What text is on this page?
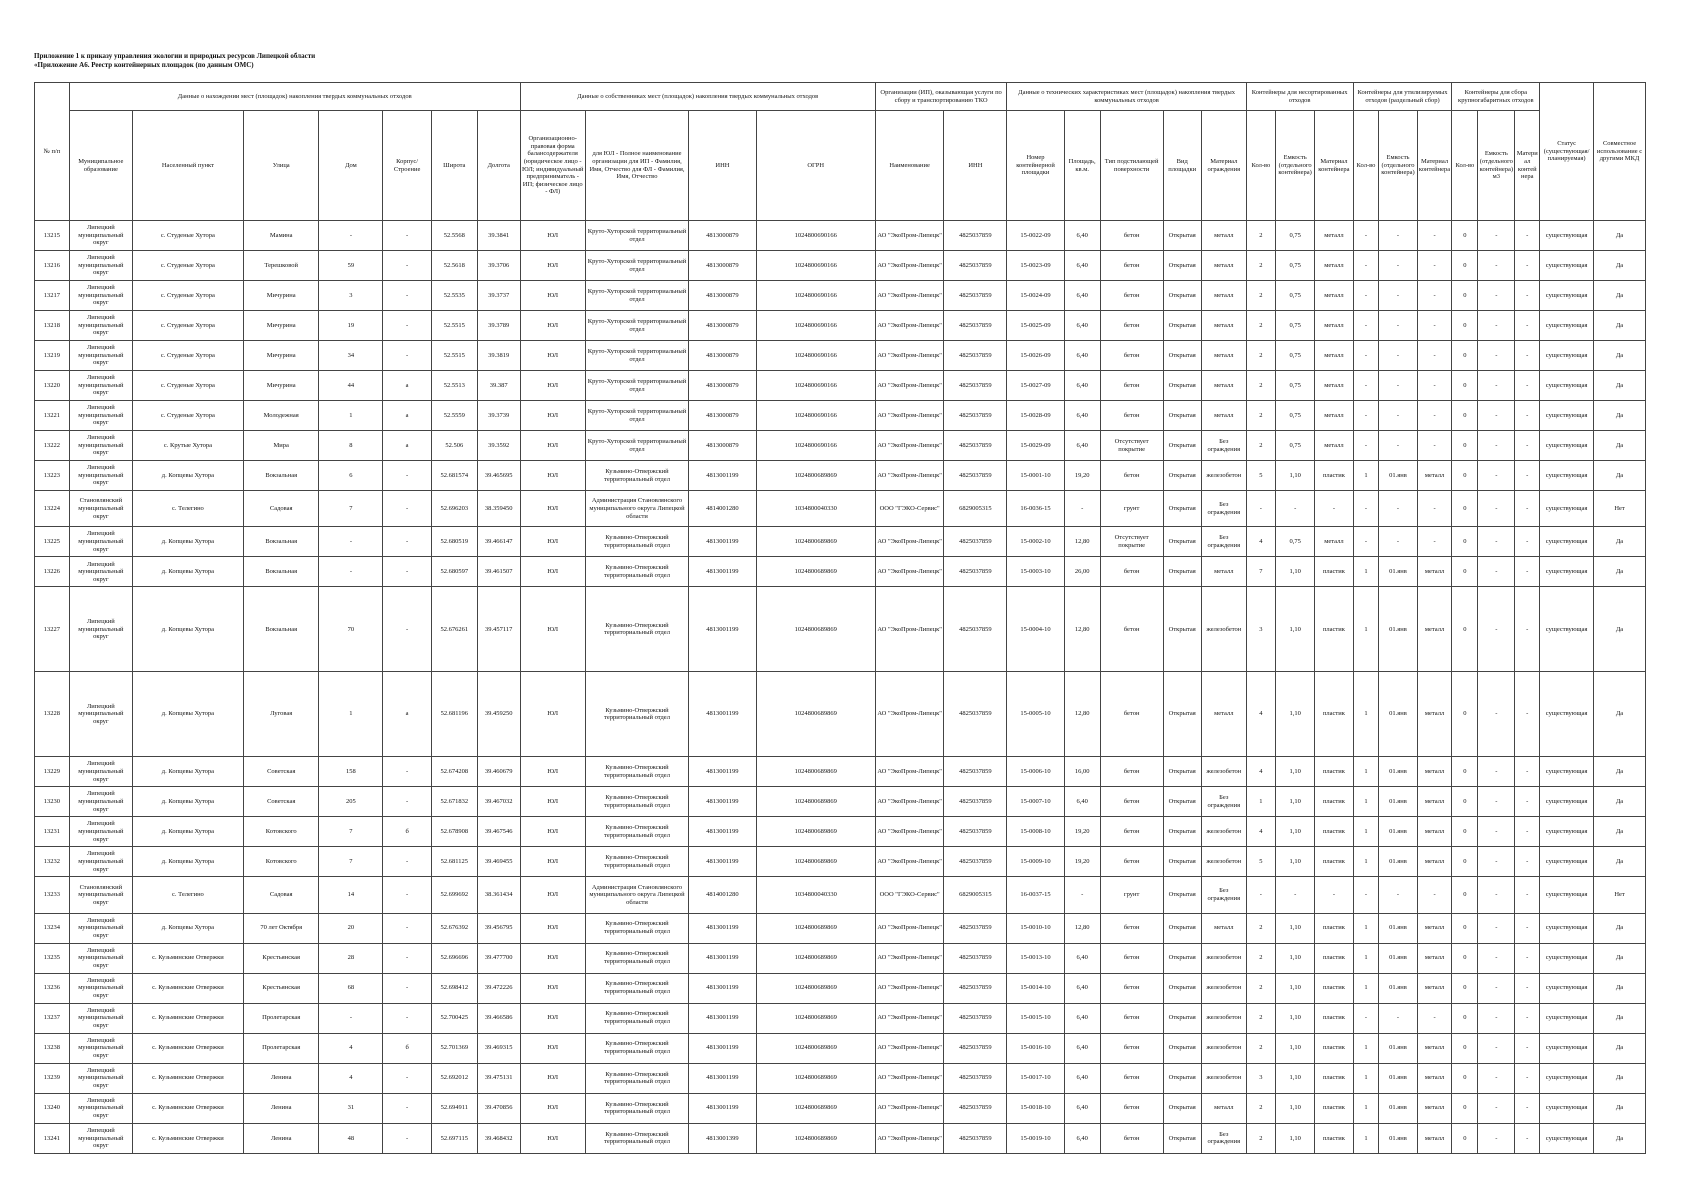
Приложение 1 к приказу управления экологии и природных ресурсов Липецкой области
«Приложение А6. Реестр контейнерных площадок (по данным ОМС)
№ п/п	Данные о нахождении мест (площадок) накопления твердых коммунальных отходов							Данные о собственниках мест (площадок) накопления твердых коммунальных отходов				Организации (ИП), оказывающая услуги по сбору и транспортированию ТКО		Данные о технических характеристиках мест (площадок) накопления твердых коммунальных отходов					Контейнеры для несортированных отходов			Контейнеры для утилизируемых отходов (раздельный сбор)			Контейнеры для сбора крупногабаритных отходов			Статус (существующая/планируемая)	Совместное использование с другими МКД
	Муниципальное образование	Населенный пункт	Улица	Дом	Корпус/Строение	Широта	Долгота	Организационно-правовая форма балансодержателя (юридическое лицо - ЮЛ; индивидуальный предприниматель - ИП; физическое лицо - ФЛ)	для ЮЛ - Полное наименование организации для ИП - Фамилия, Имя, Отчество для ФЛ - Фамилия, Имя, Отчество	ИНН	ОГРН	Наименование	ИНН	Номер контейнерной площадки	Площадь, кв.м.	Тип подстилающей поверхности	Вид площадки	Материал ограждения	Кол-во	Емкость (отдельного контейнера)	Материал контейнера	Кол-во	Емкость (отдельного контейнера)	Материал контейнера	Кол-во	Емкость (отдельного контейнера) м3	Материал контейнера		
13215	Липецкий муниципальный округ	с. Студеные Хутора	Мамина	-	-	52.5568	39.3841	ЮЛ	Круто-Хуторской территориальный отдел	4813000879	1024800690166	АО "ЭкоПром-Липецк"	4825037859	15-0022-09	6,40	бетон	Открытая	металл	2	0,75	металл	-	-	-	0	-	-	существующая	Да
13216	Липецкий муниципальный округ	с. Студеные Хутора	Терешковой	59	-	52.5618	39.3706	ЮЛ	Круто-Хуторской территориальный отдел	4813000879	1024800690166	АО "ЭкоПром-Липецк"	4825037859	15-0023-09	6,40	бетон	Открытая	металл	2	0,75	металл	-	-	-	0	-	-	существующая	Да
13217	Липецкий муниципальный округ	с. Студеные Хутора	Мичурина	3	-	52.5535	39.3737	ЮЛ	Круто-Хуторской территориальный отдел	4813000879	1024800690166	АО "ЭкоПром-Липецк"	4825037859	15-0024-09	6,40	бетон	Открытая	металл	2	0,75	металл	-	-	-	0	-	-	существующая	Да
13218	Липецкий муниципальный округ	с. Студеные Хутора	Мичурина	19	-	52.5515	39.3789	ЮЛ	Круто-Хуторской территориальный отдел	4813000879	1024800690166	АО "ЭкоПром-Липецк"	4825037859	15-0025-09	6,40	бетон	Открытая	металл	2	0,75	металл	-	-	-	0	-	-	существующая	Да
13219	Липецкий муниципальный округ	с. Студеные Хутора	Мичурина	34	-	52.5515	39.3819	ЮЛ	Круто-Хуторской территориальный отдел	4813000879	1024800690166	АО "ЭкоПром-Липецк"	4825037859	15-0026-09	6,40	бетон	Открытая	металл	2	0,75	металл	-	-	-	0	-	-	существующая	Да
13220	Липецкий муниципальный округ	с. Студеные Хутора	Мичурина	44	а	52.5513	39.387	ЮЛ	Круто-Хуторской территориальный отдел	4813000879	1024800690166	АО "ЭкоПром-Липецк"	4825037859	15-0027-09	6,40	бетон	Открытая	металл	2	0,75	металл	-	-	-	0	-	-	существующая	Да
13221	Липецкий муниципальный округ	с. Студеные Хутора	Молодежная	1	а	52.5559	39.3739	ЮЛ	Круто-Хуторской территориальный отдел	4813000879	1024800690166	АО "ЭкоПром-Липецк"	4825037859	15-0028-09	6,40	бетон	Открытая	металл	2	0,75	металл	-	-	-	0	-	-	существующая	Да
13222	Липецкий муниципальный округ	с. Крутые Хутора	Мира	8	а	52.506	39.3592	ЮЛ	Круто-Хуторской территориальный отдел	4813000879	1024800690166	АО "ЭкоПром-Липецк"	4825037859	15-0029-09	6,40	Отсутствует покрытие	Открытая	Без ограждения	2	0,75	металл	-	-	-	0	-	-	существующая	Да
13223	Липецкий муниципальный округ	д. Копцевы Хутора	Вокзальная	6	-	52.681574	39.465695	ЮЛ	Кузьмино-Отвержский территориальный отдел	4813001199	1024800689869	АО "ЭкоПром-Липецк"	4825037859	15-0001-10	19,20	бетон	Открытая	железобетон	5	1,10	пластик	1	01.янв	металл	0	-	-	существующая	Да
13224	Становлянский муниципальный округ	с. Телегино	Садовая	7	-	52.696203	38.359450	ЮЛ	Администрация Становлянского муниципального округа Липецкой области	4814001280	1034800040330	ООО "ГЭКО-Сервис"	6829005315	16-0036-15	-	грунт	Открытая	Без ограждения	-	-	-	-	-	-	0	-	-	существующая	Нет
13225	Липецкий муниципальный округ	д. Копцевы Хутора	Вокзальная	-	-	52.680519	39.466147	ЮЛ	Кузьмино-Отвержский территориальный отдел	4813001199	1024800689869	АО "ЭкоПром-Липецк"	4825037859	15-0002-10	12,80	Отсутствует покрытие	Открытая	Без ограждения	4	0,75	металл	-	-	-	0	-	-	существующая	Да
13226	Липецкий муниципальный округ	д. Копцевы Хутора	Вокзальная	-	-	52.680597	39.461507	ЮЛ	Кузьмино-Отвержский территориальный отдел	4813001199	1024800689869	АО "ЭкоПром-Липецк"	4825037859	15-0003-10	26,00	бетон	Открытая	металл	7	1,10	пластик	1	01.янв	металл	0	-	-	существующая	Да
13227	Липецкий муниципальный округ	д. Копцевы Хутора	Вокзальная	70	-	52.676261	39.457117	ЮЛ	Кузьмино-Отвержский территориальный отдел	4813001199	1024800689869	АО "ЭкоПром-Липецк"	4825037859	15-0004-10	12,80	бетон	Открытая	железобетон	3	1,10	пластик	1	01.янв	металл	0	-	-	существующая	Да
13228	Липецкий муниципальный округ	д. Копцевы Хутора	Луговая	1	а	52.681196	39.459250	ЮЛ	Кузьмино-Отвержский территориальный отдел	4813001199	1024800689869	АО "ЭкоПром-Липецк"	4825037859	15-0005-10	12,80	бетон	Открытая	металл	4	1,10	пластик	1	01.янв	металл	0	-	-	существующая	Да
13229	Липецкий муниципальный округ	д. Копцевы Хутора	Советская	158	-	52.674208	39.460679	ЮЛ	Кузьмино-Отвержский территориальный отдел	4813001199	1024800689869	АО "ЭкоПром-Липецк"	4825037859	15-0006-10	16,00	бетон	Открытая	железобетон	4	1,10	пластик	1	01.янв	металл	0	-	-	существующая	Да
13230	Липецкий муниципальный округ	д. Копцевы Хутора	Советская	205	-	52.671832	39.467032	ЮЛ	Кузьмино-Отвержский территориальный отдел	4813001199	1024800689869	АО "ЭкоПром-Липецк"	4825037859	15-0007-10	6,40	бетон	Открытая	Без ограждения	1	1,10	пластик	1	01.янв	металл	0	-	-	существующая	Да
13231	Липецкий муниципальный округ	д. Копцевы Хутора	Котовского	7	б	52.678908	39.467546	ЮЛ	Кузьмино-Отвержский территориальный отдел	4813001199	1024800689869	АО "ЭкоПром-Липецк"	4825037859	15-0008-10	19,20	бетон	Открытая	железобетон	4	1,10	пластик	1	01.янв	металл	0	-	-	существующая	Да
13232	Липецкий муниципальный округ	д. Копцевы Хутора	Котовского	7	-	52.681125	39.469455	ЮЛ	Кузьмино-Отвержский территориальный отдел	4813001199	1024800689869	АО "ЭкоПром-Липецк"	4825037859	15-0009-10	19,20	бетон	Открытая	железобетон	5	1,10	пластик	1	01.янв	металл	0	-	-	существующая	Да
13233	Становлянский муниципальный округ	с. Телегино	Садовая	14	-	52.699692	38.361434	ЮЛ	Администрация Становлянского муниципального округа Липецкой области	4814001280	1034800040330	ООО "ГЭКО-Сервис"	6829005315	16-0037-15	-	грунт	Открытая	Без ограждения	-	-	-	-	-	-	0	-	-	существующая	Нет
13234	Липецкий муниципальный округ	д. Копцевы Хутора	70 лет Октября	20	-	52.676392	39.456795	ЮЛ	Кузьмино-Отвержский территориальный отдел	4813001199	1024800689869	АО "ЭкоПром-Липецк"	4825037859	15-0010-10	12,80	бетон	Открытая	металл	2	1,10	пластик	1	01.янв	металл	0	-	-	существующая	Да
13235	Липецкий муниципальный округ	с. Кузьминские Отвержки	Крестьянская	28	-	52.696696	39.477700	ЮЛ	Кузьмино-Отвержский территориальный отдел	4813001199	1024800689869	АО "ЭкоПром-Липецк"	4825037859	15-0013-10	6,40	бетон	Открытая	железобетон	2	1,10	пластик	1	01.янв	металл	0	-	-	существующая	Да
13236	Липецкий муниципальный округ	с. Кузьминские Отвержки	Крестьянская	68	-	52.698412	39.472226	ЮЛ	Кузьмино-Отвержский территориальный отдел	4813001199	1024800689869	АО "ЭкоПром-Липецк"	4825037859	15-0014-10	6,40	бетон	Открытая	железобетон	2	1,10	пластик	1	01.янв	металл	0	-	-	существующая	Да
13237	Липецкий муниципальный округ	с. Кузьминские Отвержки	Пролетарская	-	-	52.700425	39.466586	ЮЛ	Кузьмино-Отвержский территориальный отдел	4813001199	1024800689869	АО "ЭкоПром-Липецк"	4825037859	15-0015-10	6,40	бетон	Открытая	железобетон	2	1,10	пластик	-	-	-	0	-	-	существующая	Да
13238	Липецкий муниципальный округ	с. Кузьминские Отвержки	Пролетарская	4	б	52.701369	39.469315	ЮЛ	Кузьмино-Отвержский территориальный отдел	4813001199	1024800689869	АО "ЭкоПром-Липецк"	4825037859	15-0016-10	6,40	бетон	Открытая	железобетон	2	1,10	пластик	1	01.янв	металл	0	-	-	существующая	Да
13239	Липецкий муниципальный округ	с. Кузьминские Отвержки	Ленина	4	-	52.692012	39.475131	ЮЛ	Кузьмино-Отвержский территориальный отдел	4813001199	1024800689869	АО "ЭкоПром-Липецк"	4825037859	15-0017-10	6,40	бетон	Открытая	железобетон	3	1,10	пластик	1	01.янв	металл	0	-	-	существующая	Да
13240	Липецкий муниципальный округ	с. Кузьминские Отвержки	Ленина	31	-	52.694911	39.470856	ЮЛ	Кузьмино-Отвержский территориальный отдел	4813001199	1024800689869	АО "ЭкоПром-Липецк"	4825037859	15-0018-10	6,40	бетон	Открытая	металл	2	1,10	пластик	1	01.янв	металл	0	-	-	существующая	Да
13241	Липецкий муниципальный округ	с. Кузьминские Отвержки	Ленина	48	-	52.697115	39.468432	ЮЛ	Кузьмино-Отвержский территориальный отдел	4813001399	1024800689869	АО "ЭкоПром-Липецк"	4825037859	15-0019-10	6,40	бетон	Открытая	Без ограждения	2	1,10	пластик	1	01.янв	металл	0	-	-	существующая	Да
